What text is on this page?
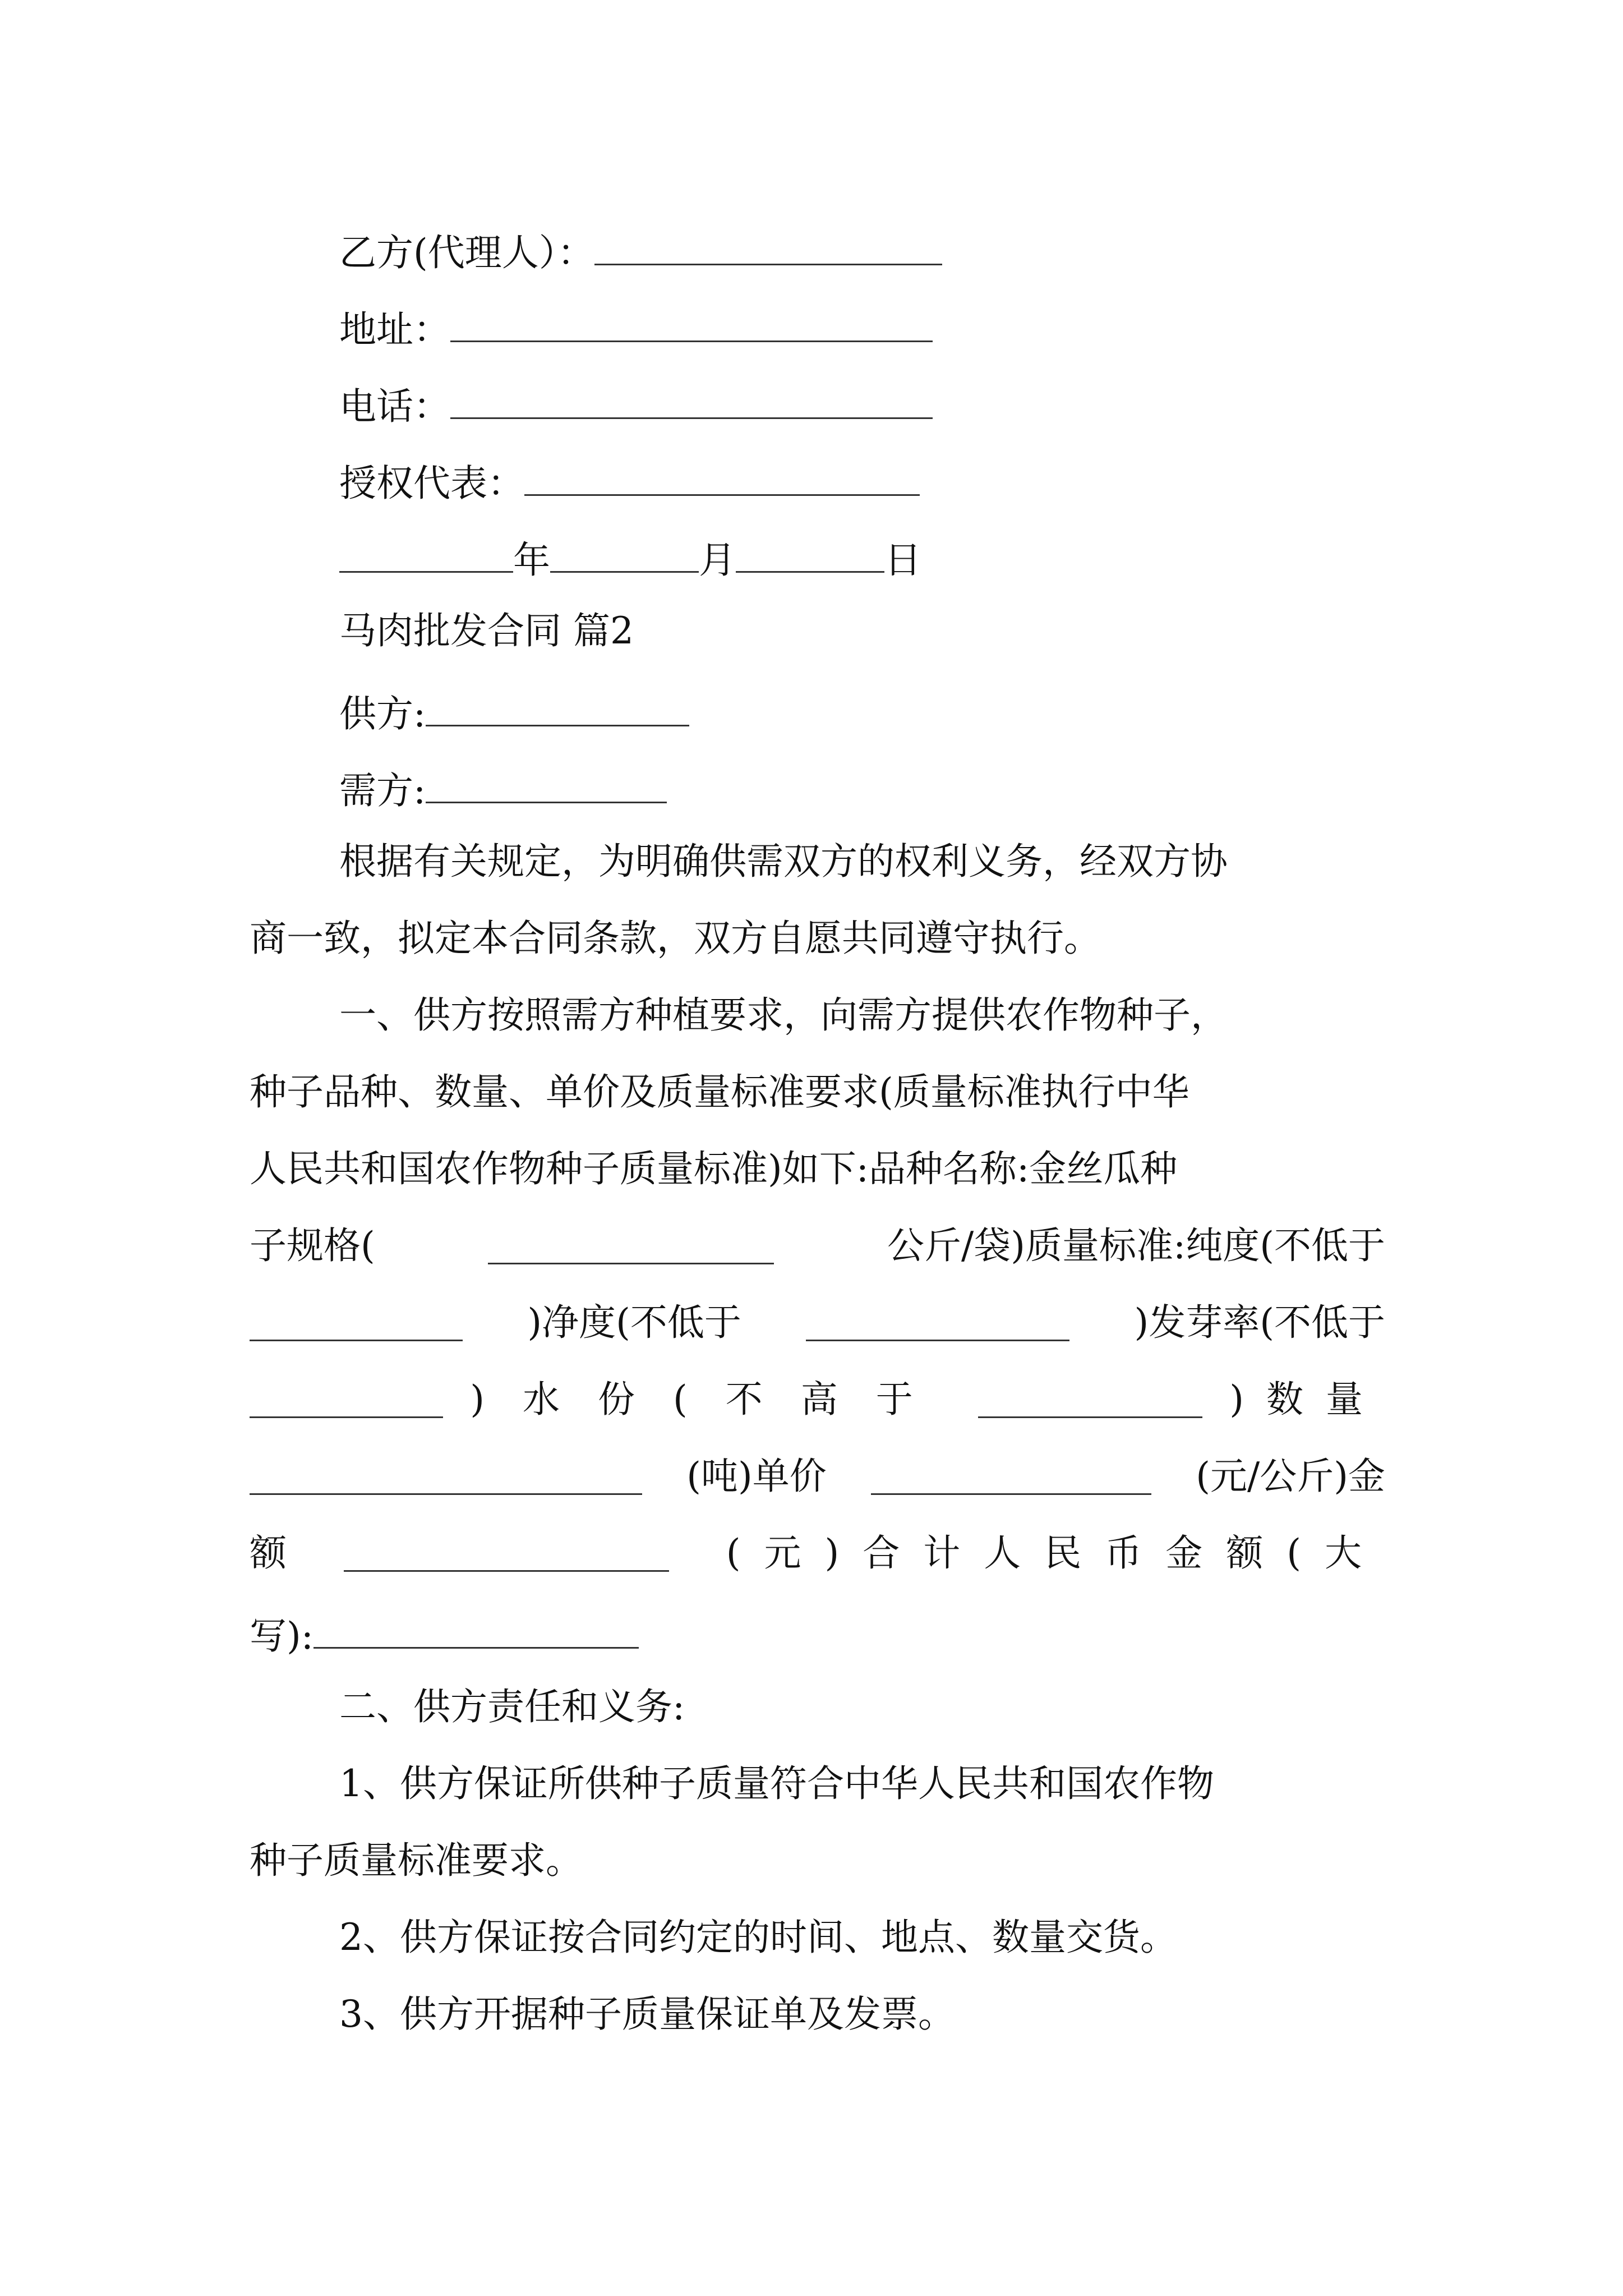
乙方(代理人）：
地址：
电话：
授权代表：
年	月	日
马肉批发合同 篇2
供方:
需方:
根据有关规定，为明确供需双方的权利义务，经双方协
商一致，拟定本合同条款，双方自愿共同遵守执行。
一、供方按照需方种植要求，向需方提供农作物种子，
种子品种、数量、单价及质量标准要求(质量标准执行中华
人民共和国农作物种子质量标准)如下:品种名称:金丝瓜种
子规格(	公斤/袋)质量标准:纯度(不低于
)净度(不低于	)发芽率(不低于
)水份(不高于	)数量
(吨)单价	(元/公斤)金
额	(元)合计人民币金额(大
写):
二、供方责任和义务:
1、供方保证所供种子质量符合中华人民共和国农作物
种子质量标准要求。
2、供方保证按合同约定的时间、地点、数量交货。
3、供方开据种子质量保证单及发票。
